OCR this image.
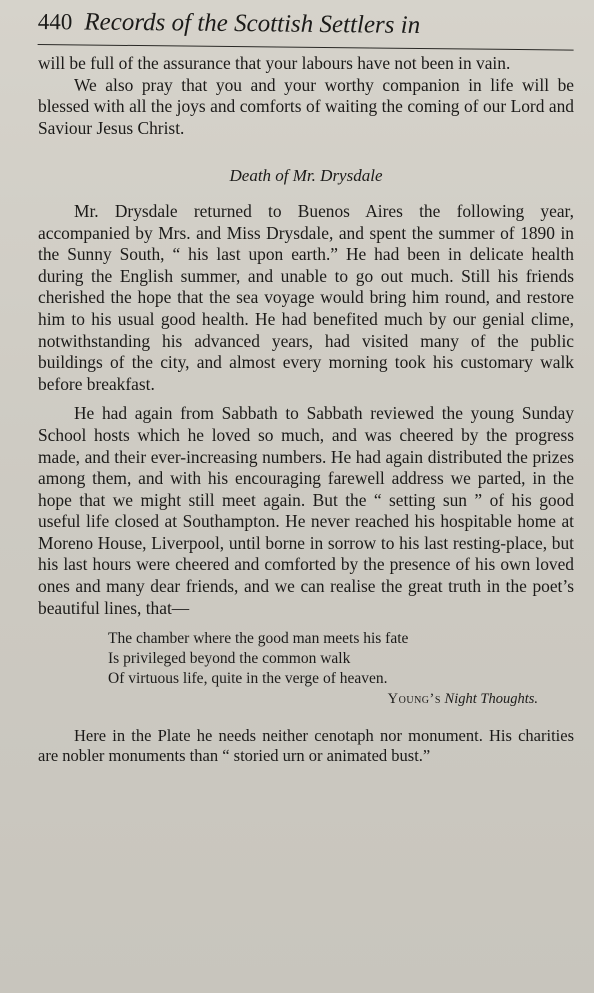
440 Records of the Scottish Settlers in

will be full of the assurance that your labours have not been in vain.

We also pray that you and your worthy companion in life will be blessed with all the joys and comforts of waiting the coming of our Lord and Saviour Jesus Christ.

Death of Mr. Drysdale

Mr. Drysdale returned to Buenos Aires the following year, accompanied by Mrs. and Miss Drysdale, and spent the summer of 1890 in the Sunny South, “ his last upon earth.” He had been in delicate health during the English summer, and unable to go out much. Still his friends cherished the hope that the sea voyage would bring him round, and restore him to his usual good health. He had benefited much by our genial clime, notwithstanding his advanced years, had visited many of the public buildings of the city, and almost every morning took his customary walk before breakfast.

He had again from Sabbath to Sabbath reviewed the young Sunday School hosts which he loved so much, and was cheered by the progress made, and their ever-increasing numbers. He had again distributed the prizes among them, and with his encouraging farewell address we parted, in the hope that we might still meet again. But the “ setting sun ” of his good useful life closed at Southampton. He never reached his hospitable home at Moreno House, Liverpool, until borne in sorrow to his last resting-place, but his last hours were cheered and comforted by the presence of his own loved ones and many dear friends, and we can realise the great truth in the poet’s beautiful lines, that—

The chamber where the good man meets his fate
Is privileged beyond the common walk
Of virtuous life, quite in the verge of heaven.
Young’s Night Thoughts.
Here in the Plate he needs neither cenotaph nor monument. His charities are nobler monuments than “ storied urn or animated bust.”
